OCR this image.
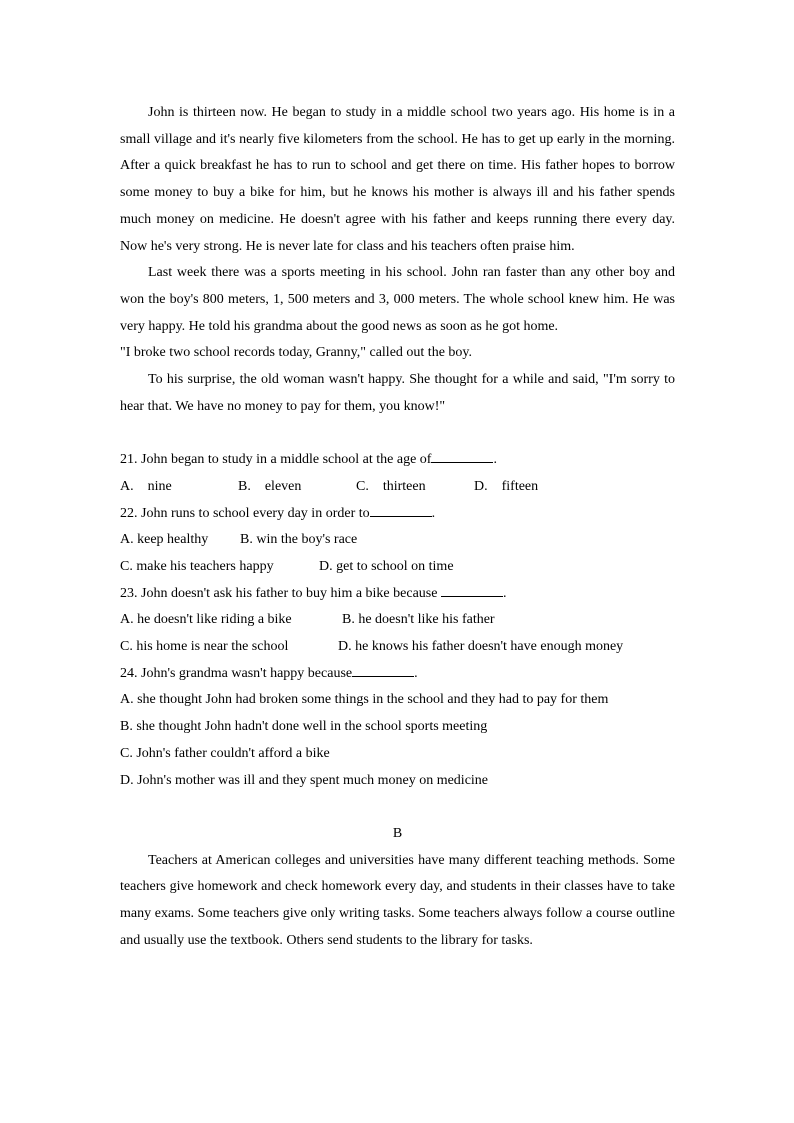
John is thirteen now. He began to study in a middle school two years ago. His home is in a small village and it's nearly five kilometers from the school. He has to get up early in the morning. After a quick breakfast he has to run to school and get there on time. His father hopes to borrow some money to buy a bike for him, but he knows his mother is always ill and his father spends much money on medicine. He doesn't agree with his father and keeps running there every day. Now he's very strong. He is never late for class and his teachers often praise him.

Last week there was a sports meeting in his school. John ran faster than any other boy and won the boy's 800 meters, 1, 500 meters and 3, 000 meters. The whole school knew him. He was very happy. He told his grandma about the good news as soon as he got home.

"I broke two school records today, Granny," called out the boy.

To his surprise, the old woman wasn't happy. She thought for a while and said, "I'm sorry to hear that. We have no money to pay for them, you know!"

21. John began to study in a middle school at the age of	.

A.    nine	B.    eleven	C.    thirteen	D.    fifteen

22. John runs to school every day in order to	.

A. keep healthy B. win the boy's race

C. make his teachers happy	D. get to school on time

23. John doesn't ask his father to buy him a bike because	.

A. he doesn't like riding a bike	B. he doesn't like his father

C. his home is near the school	D. he knows his father doesn't have enough money

24. John's grandma wasn't happy because	.

A. she thought John had broken some things in the school and they had to pay for them

B. she thought John hadn't done well in the school sports meeting

C. John's father couldn't afford a bike

D. John's mother was ill and they spent much money on medicine

B

Teachers at American colleges and universities have many different teaching methods. Some teachers give homework and check homework every day, and students in their classes have to take many exams. Some teachers give only writing tasks. Some teachers always follow a course outline and usually use the textbook. Others send students to the library for tasks.
